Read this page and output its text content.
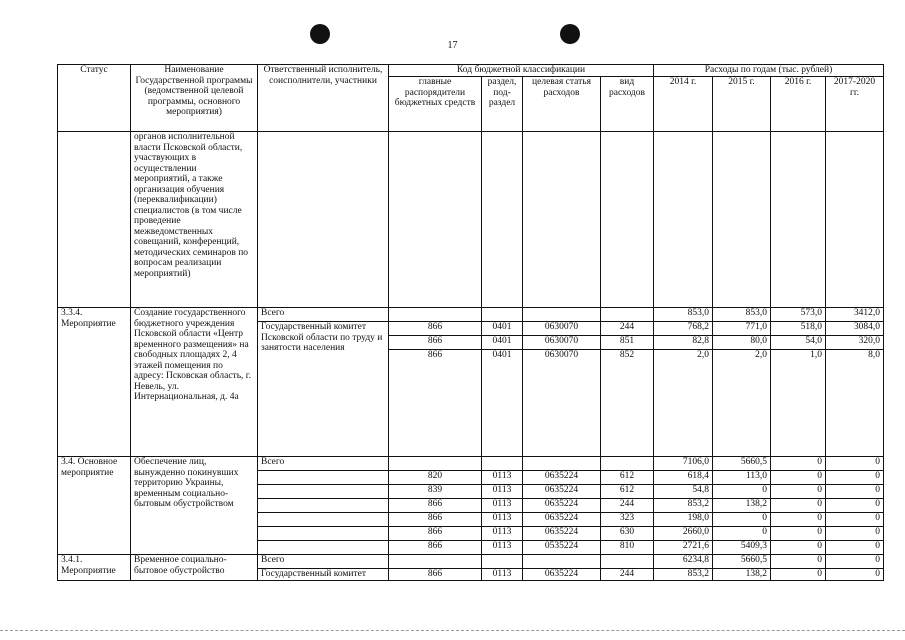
17
Статус	Наименование Государственной программы (ведомственной целевой программы, основного мероприятия)	Ответственный исполнитель, соисполнители, участники	Код бюджетной классификации				Расходы по годам (тыс. рублей)			
			главные распорядители бюджетных средств	раздел, под-раздел	целевая статья расходов	вид расходов	2014 г.	2015 г.	2016 г.	2017-2020 гг.
	органов исполнительной власти Псковской области, участвующих в осуществлении мероприятий, а также организация обучения (переквалификации) специалистов (в том числе проведение межведомственных совещаний, конференций, методических семинаров по вопросам реализации мероприятий)									
3.3.4. Мероприятие	Создание государственного бюджетного учреждения Псковской области «Центр временного размещения» на свободных площадях 2, 4 этажей помещения по адресу: Псковская область, г. Невель, ул. Интернациональная, д. 4а	Всего					853,0	853,0	573,0	3412,0
		Государственный комитет Псковской области по труду и занятости населения	866	0401	0630070	244	768,2	771,0	518,0	3084,0
			866	0401	0630070	851	82,8	80,0	54,0	320,0
			866	0401	0630070	852	2,0	2,0	1,0	8,0
3.4. Основное мероприятие	Обеспечение лиц, вынужденно покинувших территорию Украины, временным социально-бытовым обустройством	Всего					7106,0	5660,5	0	0
			820	0113	0635224	612	618,4	113,0	0	0
			839	0113	0635224	612	54,8	0	0	0
			866	0113	0635224	244	853,2	138,2	0	0
			866	0113	0635224	323	198,0	0	0	0
			866	0113	0635224	630	2660,0	0	0	0
			866	0113	0535224	810	2721,6	5409,3	0	0
3.4.1. Мероприятие	Временное социально-бытовое обустройство	Всего					6234,8	5660,5	0	0
		Государственный комитет	866	0113	0635224	244	853,2	138,2	0	0
